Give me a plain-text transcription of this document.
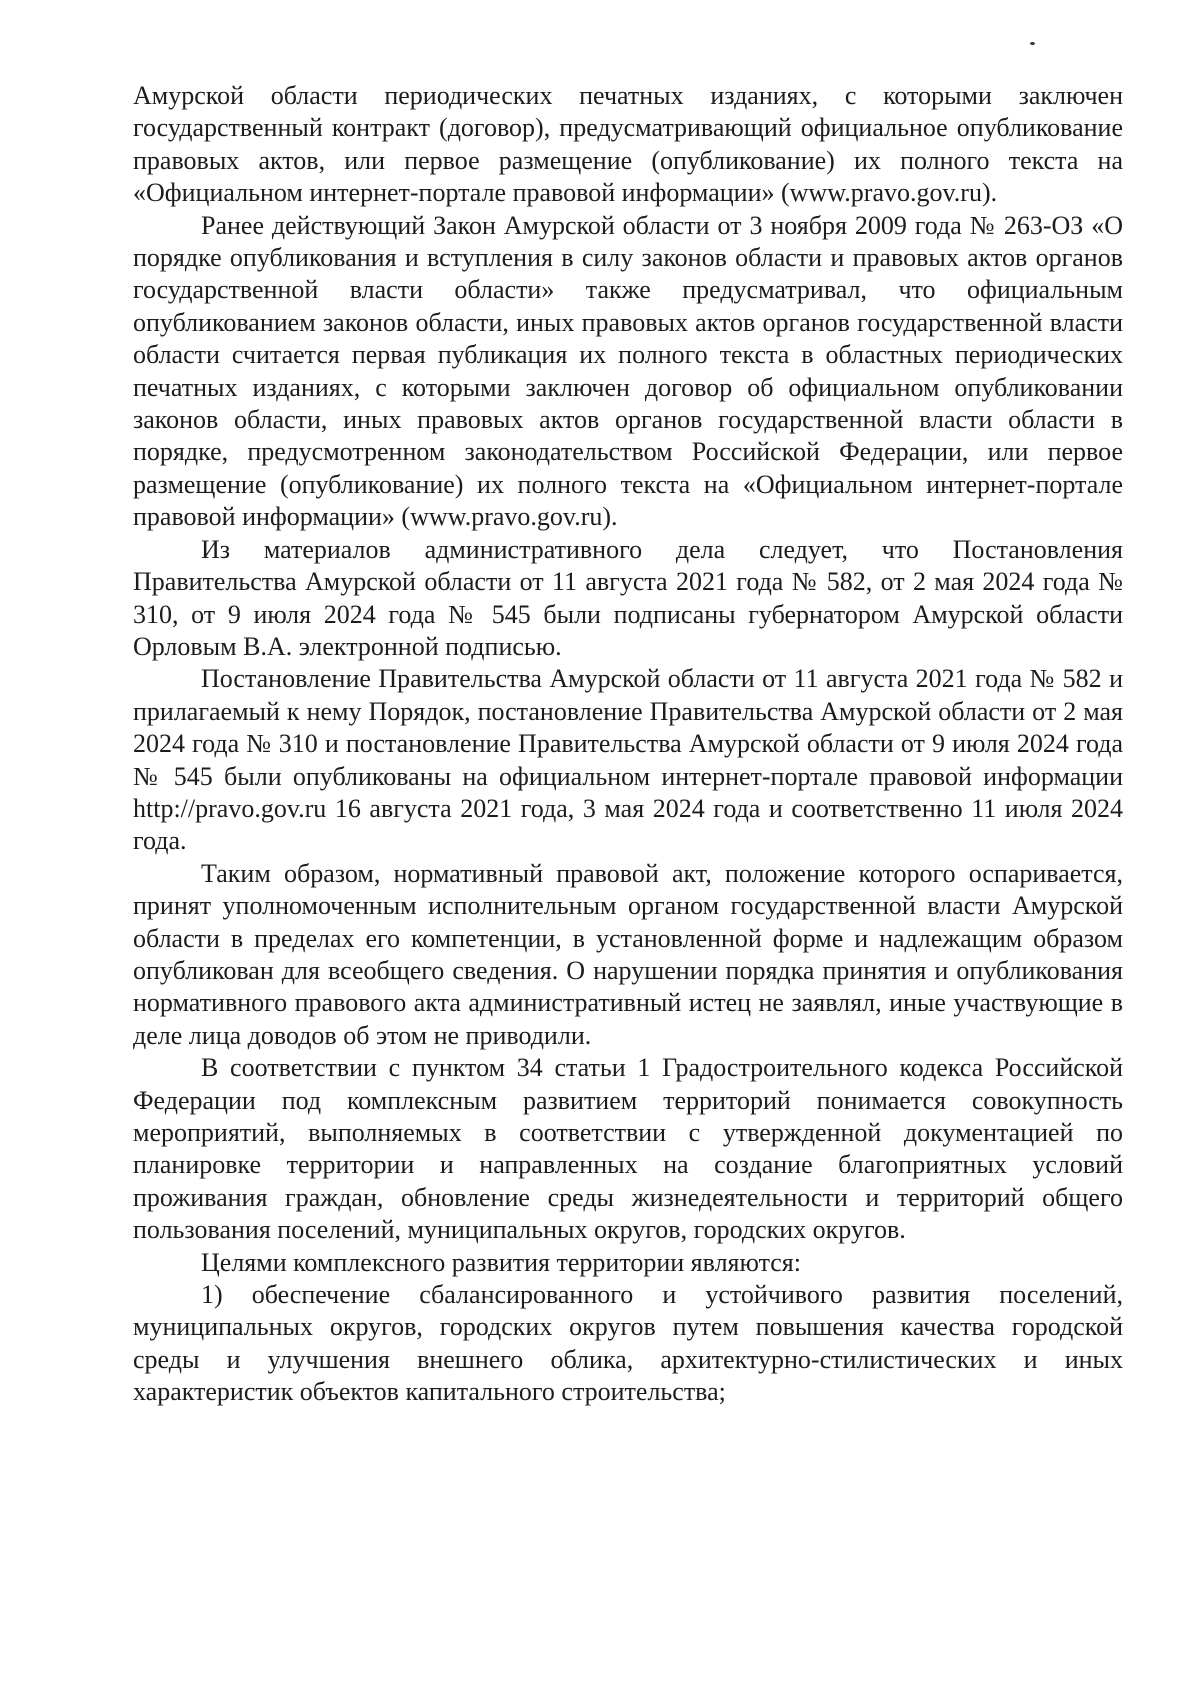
Амурской области периодических печатных изданиях, с которыми заключен государственный контракт (договор), предусматривающий официальное опубликование правовых актов, или первое размещение (опубликование) их полного текста на «Официальном интернет-портале правовой информации» (www.pravo.gov.ru).

Ранее действующий Закон Амурской области от 3 ноября 2009 года № 263-ОЗ «О порядке опубликования и вступления в силу законов области и правовых актов органов государственной власти области» также предусматривал, что официальным опубликованием законов области, иных правовых актов органов государственной власти области считается первая публикация их полного текста в областных периодических печатных изданиях, с которыми заключен договор об официальном опубликовании законов области, иных правовых актов органов государственной власти области в порядке, предусмотренном законодательством Российской Федерации, или первое размещение (опубликование) их полного текста на «Официальном интернет-портале правовой информации» (www.pravo.gov.ru).

Из материалов административного дела следует, что Постановления Правительства Амурской области от 11 августа 2021 года № 582, от 2 мая 2024 года № 310, от 9 июля 2024 года № 545 были подписаны губернатором Амурской области Орловым В.А. электронной подписью.

Постановление Правительства Амурской области от 11 августа 2021 года № 582 и прилагаемый к нему Порядок, постановление Правительства Амурской области от 2 мая 2024 года № 310 и постановление Правительства Амурской области от 9 июля 2024 года № 545 были опубликованы на официальном интернет-портале правовой информации http://pravo.gov.ru 16 августа 2021 года, 3 мая 2024 года и соответственно 11 июля 2024 года.

Таким образом, нормативный правовой акт, положение которого оспаривается, принят уполномоченным исполнительным органом государственной власти Амурской области в пределах его компетенции, в установленной форме и надлежащим образом опубликован для всеобщего сведения. О нарушении порядка принятия и опубликования нормативного правового акта административный истец не заявлял, иные участвующие в деле лица доводов об этом не приводили.

В соответствии с пунктом 34 статьи 1 Градостроительного кодекса Российской Федерации под комплексным развитием территорий понимается совокупность мероприятий, выполняемых в соответствии с утвержденной документацией по планировке территории и направленных на создание благоприятных условий проживания граждан, обновление среды жизнедеятельности и территорий общего пользования поселений, муниципальных округов, городских округов.

Целями комплексного развития территории являются:

1) обеспечение сбалансированного и устойчивого развития поселений, муниципальных округов, городских округов путем повышения качества городской среды и улучшения внешнего облика, архитектурно-стилистических и иных характеристик объектов капитального строительства;
